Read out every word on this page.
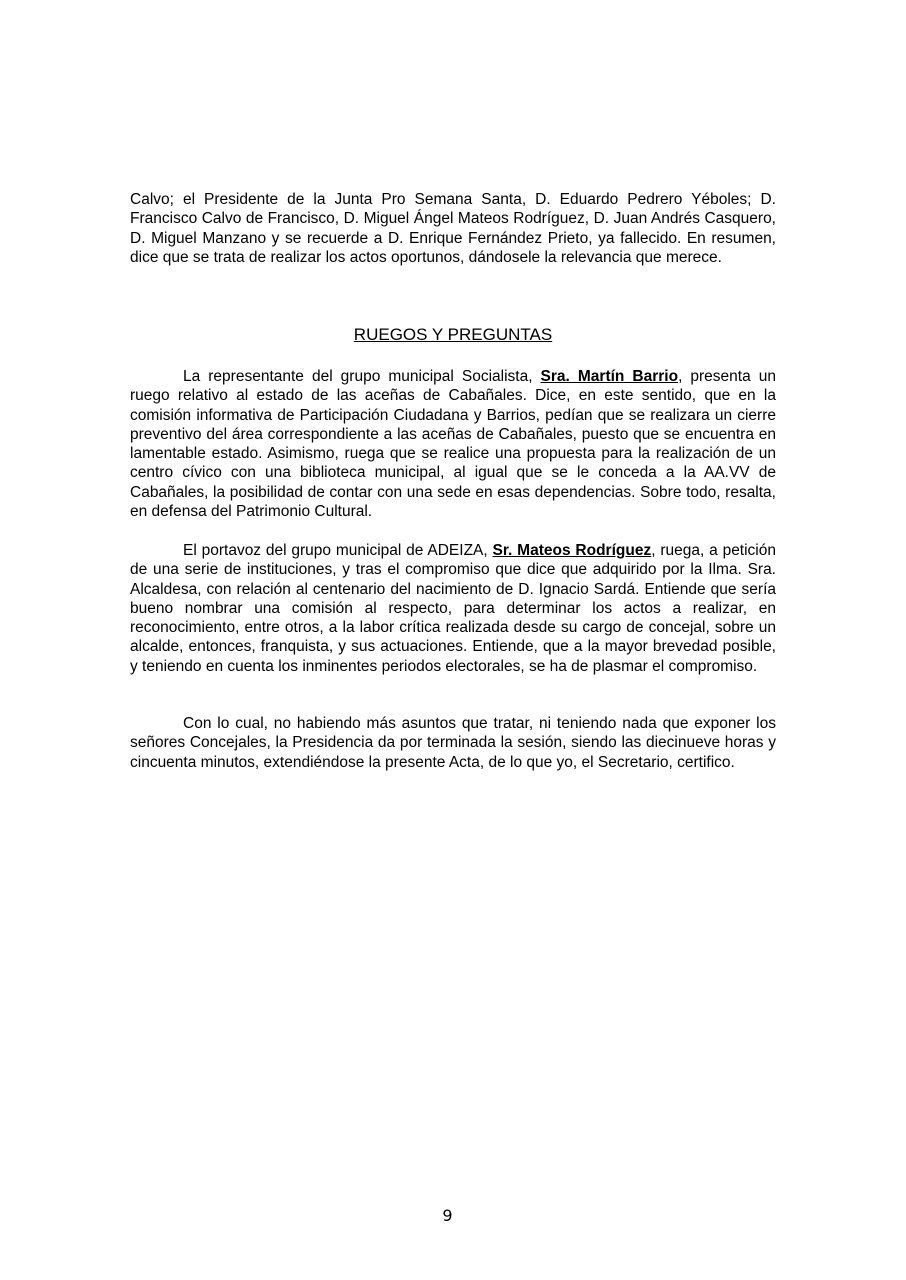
Calvo; el Presidente de la Junta Pro Semana Santa, D. Eduardo Pedrero Yéboles; D. Francisco Calvo de Francisco, D. Miguel Ángel Mateos Rodríguez, D. Juan Andrés Casquero, D. Miguel Manzano y se recuerde a D. Enrique Fernández Prieto, ya fallecido. En resumen, dice que se trata de realizar los actos oportunos, dándosele la relevancia que merece.

RUEGOS Y PREGUNTAS

La representante del grupo municipal Socialista, Sra. Martín Barrio, presenta un ruego relativo al estado de las aceñas de Cabañales. Dice, en este sentido, que en la comisión informativa de Participación Ciudadana y Barrios, pedían que se realizara un cierre preventivo del área correspondiente a las aceñas de Cabañales, puesto que se encuentra en lamentable estado. Asimismo, ruega que se realice una propuesta para la realización de un centro cívico con una biblioteca municipal, al igual que se le conceda a la AA.VV de Cabañales, la posibilidad de contar con una sede en esas dependencias. Sobre todo, resalta, en defensa del Patrimonio Cultural.

El portavoz del grupo municipal de ADEIZA, Sr. Mateos Rodríguez, ruega, a petición de una serie de instituciones, y tras el compromiso que dice que adquirido por la Ilma. Sra. Alcaldesa, con relación al centenario del nacimiento de D. Ignacio Sardá. Entiende que sería bueno nombrar una comisión al respecto, para determinar los actos a realizar, en reconocimiento, entre otros, a la labor crítica realizada desde su cargo de concejal, sobre un alcalde, entonces, franquista, y sus actuaciones. Entiende, que a la mayor brevedad posible, y teniendo en cuenta los inminentes periodos electorales, se ha de plasmar el compromiso.

Con lo cual, no habiendo más asuntos que tratar, ni teniendo nada que exponer los señores Concejales, la Presidencia da por terminada la sesión, siendo las diecinueve horas y cincuenta minutos, extendiéndose la presente Acta, de lo que yo, el Secretario, certifico.

9
